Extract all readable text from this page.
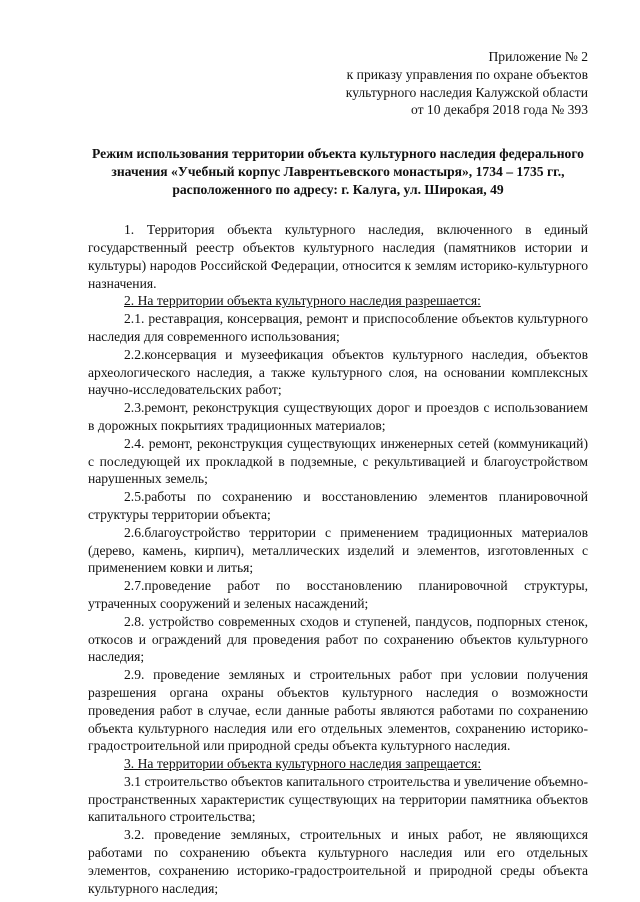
Приложение № 2
к приказу управления по охране объектов
культурного наследия Калужской области
от 10 декабря 2018 года № 393
Режим использования территории объекта культурного наследия федерального значения «Учебный корпус Лаврентьевского монастыря», 1734 – 1735 гг., расположенного по адресу: г. Калуга, ул. Широкая, 49
1. Территория объекта культурного наследия, включенного в единый государственный реестр объектов культурного наследия (памятников истории и культуры) народов Российской Федерации, относится к землям историко-культурного назначения.
2. На территории объекта культурного наследия разрешается:
2.1. реставрация, консервация, ремонт и приспособление объектов культурного наследия для современного использования;
2.2.консервация и музеефикация объектов культурного наследия, объектов археологического наследия, а также культурного слоя, на основании комплексных научно-исследовательских работ;
2.3.ремонт, реконструкция существующих дорог и проездов с использованием в дорожных покрытиях традиционных материалов;
2.4. ремонт, реконструкция существующих инженерных сетей (коммуникаций) с последующей их прокладкой в подземные, с рекультивацией и благоустройством нарушенных земель;
2.5.работы по сохранению и восстановлению элементов планировочной структуры территории объекта;
2.6.благоустройство территории с применением традиционных материалов (дерево, камень, кирпич), металлических изделий и элементов, изготовленных с применением ковки и литья;
2.7.проведение работ по восстановлению планировочной структуры, утраченных сооружений и зеленых насаждений;
2.8. устройство современных сходов и ступеней, пандусов, подпорных стенок, откосов и ограждений для проведения работ по сохранению объектов культурного наследия;
2.9. проведение земляных и строительных работ при условии получения разрешения органа охраны объектов культурного наследия о возможности проведения работ в случае, если данные работы являются работами по сохранению объекта культурного наследия или его отдельных элементов, сохранению историко-градостроительной или природной среды объекта культурного наследия.
3. На территории объекта культурного наследия запрещается:
3.1 строительство объектов капитального строительства и увеличение объемно-пространственных характеристик существующих на территории памятника объектов капитального строительства;
3.2. проведение земляных, строительных и иных работ, не являющихся работами по сохранению объекта культурного наследия или его отдельных элементов, сохранению историко-градостроительной и природной среды объекта культурного наследия;
